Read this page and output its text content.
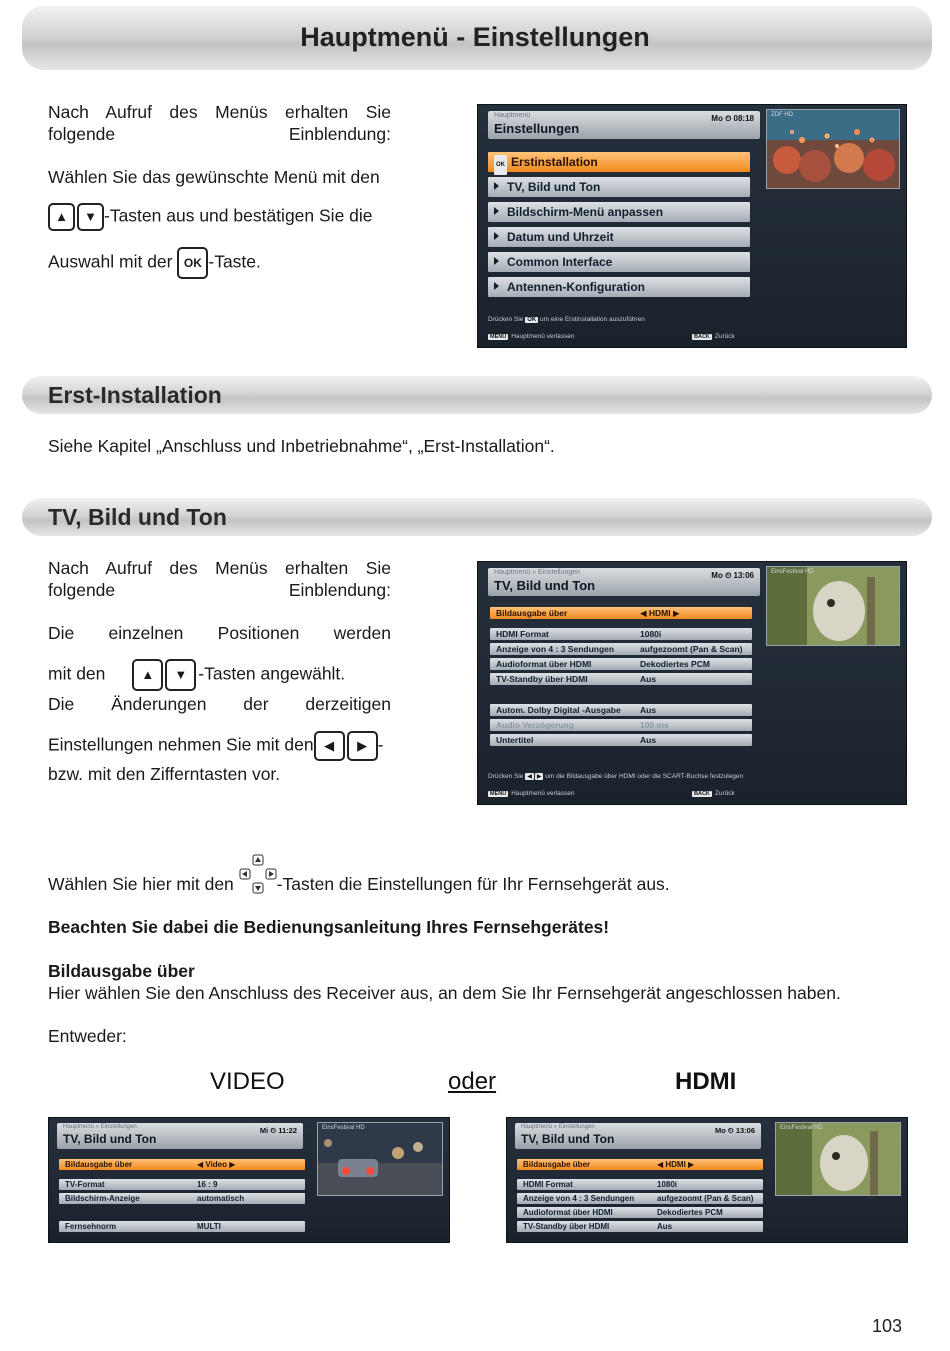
Hauptmenü - Einstellungen
Nach Aufruf des Menüs erhalten Sie folgende Einblendung:
Wählen Sie das gewünschte Menü mit den
▲ ▼ -Tasten aus und bestätigen Sie die
Auswahl mit der OK -Taste.
Hauptmenü
Einstellungen
Mo ⏲ 08:18	ZDF HD
OK Erstinstallation
TV, Bild und Ton
Bildschirm-Menü anpassen
Datum und Uhrzeit
Common Interface
Antennen-Konfiguration
Drücken Sie OK um eine Erstinstallation auszuführen
MENU Hauptmenü verlassen	BACK Zurück
Erst-Installation
Siehe Kapitel „Anschluss und Inbetriebnahme“, „Erst-Installation“.
TV, Bild und Ton
Nach Aufruf des Menüs erhalten Sie folgende Einblendung:
Die einzelnen Positionen werden
mit den	▲ ▼ -Tasten angewählt.
Die Änderungen der derzeitigen
Einstellungen nehmen Sie mit den ◀ ▶ -
bzw. mit den Zifferntasten vor.
Hauptmenü » Einstellungen
TV, Bild und Ton
Mo ⏲ 13:06	EinsFestival HD
Bildausgabe über	◀ HDMI ▶
HDMI Format	1080i
Anzeige von 4 : 3 Sendungen	aufgezoomt (Pan & Scan)
Audioformat über HDMI	Dekodiertes PCM
TV-Standby über HDMI	Aus
Autom. Dolby Digital -Ausgabe Aus
Audio Verzögerung	100 ms
Untertitel	Aus
Drücken Sie ◀ ▶ um die Bildausgabe über HDMI oder die SCART-Buchse festzulegen
MENU Hauptmenü verlassen	BACK Zurück
Wählen Sie hier mit den -Tasten die Einstellungen für Ihr Fernsehgerät aus.
Beachten Sie dabei die Bedienungsanleitung Ihres Fernsehgerätes!
Bildausgabe über
Hier wählen Sie den Anschluss des Receiver aus, an dem Sie Ihr Fernsehgerät angeschlossen haben.
Entweder:
VIDEO	oder	HDMI
Hauptmenü » Einstellungen
TV, Bild und Ton
Mi ⏲ 11:22	EinsFestival HD
Bildausgabe über	◀ Video ▶
TV-Format	16 : 9
Bildschirm-Anzeige	automatisch
Fernsehnorm	MULTI
Hauptmenü » Einstellungen
TV, Bild und Ton
Mo ⏲ 13:06	EinsFestival HD
Bildausgabe über	◀ HDMI ▶
HDMI Format	1080i
Anzeige von 4 : 3 Sendungen	aufgezoomt (Pan & Scan)
Audioformat über HDMI	Dekodiertes PCM
TV-Standby über HDMI	Aus
103
